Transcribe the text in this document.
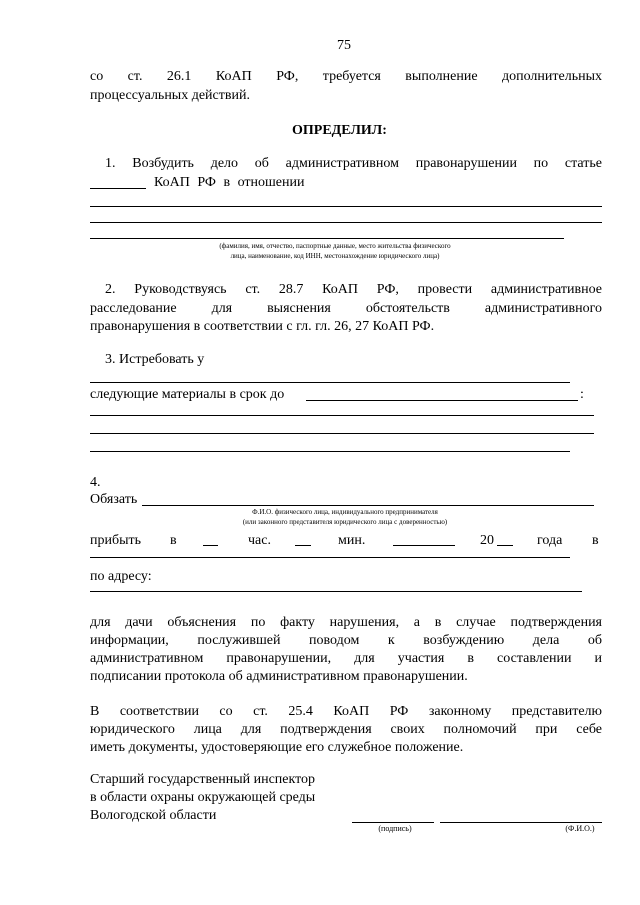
75
со ст. 26.1 КоАП РФ, требуется выполнение дополнительных
процессуальных действий.
ОПРЕДЕЛИЛ:
1. Возбудить дело об административном правонарушении по статье
КоАП РФ в отношении
(фамилия, имя, отчество, паспортные данные, место жительства физического
лица, наименование, код ИНН, местонахождение юридического лица)
2. Руководствуясь ст. 28.7 КоАП РФ, провести административное
расследование для выяснения обстоятельств административного
правонарушения в соответствии с гл. гл. 26, 27 КоАП РФ.
3. Истребовать у
следующие материалы в срок до	:
4.
Обязать
Ф.И.О. физического лица, индивидуального предпринимателя
(или законного представителя юридического лица с доверенностью)
прибыть в	час.	мин.	20	года в
по адресу:
для дачи объяснения по факту нарушения, а в случае подтверждения
информации, послужившей поводом к возбуждению дела об
административном правонарушении, для участия в составлении и
подписании протокола об административном правонарушении.
В соответствии со ст. 25.4 КоАП РФ законному представителю
юридического лица для подтверждения своих полномочий при себе
иметь документы, удостоверяющие его служебное положение.
Старший государственный инспектор
в области охраны окружающей среды
Вологодской области
(подпись)	(Ф.И.О.)
